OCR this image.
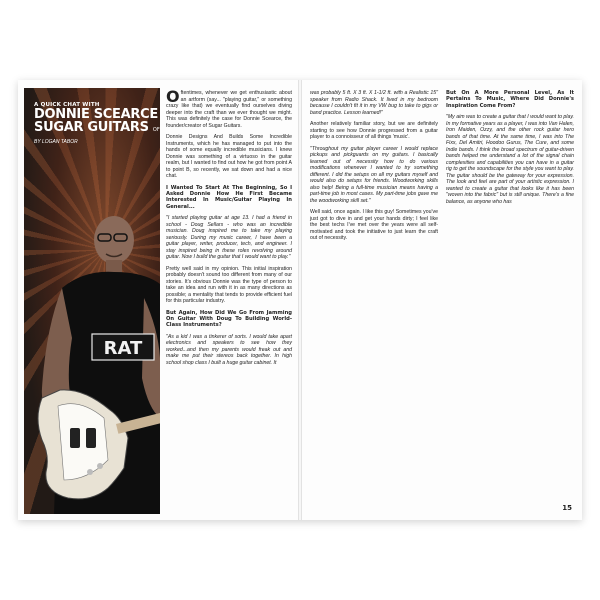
RAT
A QUICK CHAT WITH
DONNIE SCEARCE
SUGAR GUITARS OF
BY LOGAN TABOR

Oftentimes, whenever we get enthusiastic about an artform (say... "playing guitar," or something crazy like that) we eventually find ourselves diving deeper into the craft than we ever thought we might. This was definitely the case for Donnie Scearce, the founder/creator of Sugar Guitars.

Donnie Designs And Builds Some Incredible Instruments, which he has managed to put into the hands of some equally incredible musicians. I knew Donnie was something of a virtuoso in the guitar realm, but I wanted to find out how he got from point A to point B, so recently, we sat down and had a nice chat.

I Wanted To Start At The Beginning, So I Asked Donnie How He First Became Interested In Music/Guitar Playing In General...

"I started playing guitar at age 13. I had a friend in school - Doug Sellars - who was an incredible musician. Doug inspired me to take my playing seriously. During my music career, I have been a guitar player, writer, producer, tech, and engineer. I stay inspired being in these roles revolving around guitar. Now I build the guitar that I would want to play."

Pretty well said in my opinion. This initial inspiration probably doesn't sound too different from many of our stories. It's obvious Donnie was the type of person to take an idea and run with it in as many directions as possible; a mentality that tends to provide efficient fuel for this particular industry.

But Again, How Did We Go From Jamming On Guitar With Doug To Building World-Class Instruments?

"As a kid I was a tinkerer of sorts. I would take apart electronics and speakers to see how they worked...and then my parents would freak out and make me put their stereos back together. In high school shop class I built a huge guitar cabinet. It

was probably 5 ft. X 3 ft. X 1-1/2 ft. with a Realistic 15" speaker from Radio Shack. It lived in my bedroom because I couldn't fit it in my VW bug to take to gigs or band practice. Lesson learned!"

Another relatively familiar story, but we are definitely starting to see how Donnie progressed from a guitar player to a connoisseur of all things 'music'.

"Throughout my guitar player career I would replace pickups and pickguards on my guitars. I basically learned out of necessity how to do various modifications whenever I wanted to try something different. I did the setups on all my guitars myself and would also do setups for friends. Woodworking skills also help! Being a full-time musician means having a part-time job in most cases. My part-time jobs gave me the woodworking skill set."

Well said, once again. I like this guy! Sometimes you've just got to dive in and get your hands dirty; I feel like the best techs I've met over the years were all self-motivated and took the initiative to just learn the craft out of necessity.

But On A More Personal Level, As It Pertains To Music, Where Did Donnie's Inspiration Come From?

"My aim was to create a guitar that I would want to play. In my formative years as a player, I was into Van Halen, Iron Maiden, Ozzy, and the other rock guitar hero bands of that time. At the same time, I was into The Fixx, Del Amitri, Hoodoo Gurus, The Cure, and some Indie bands. I think the broad spectrum of guitar-driven bands helped me understand a lot of the signal chain complexities and capabilities you can have in a guitar rig to get the soundscape for the style you want to play. The guitar should be the gateway for your expression. The look and feel are part of your artistic expression. I wanted to create a guitar that looks like it has been "woven into the fabric" but is still unique. There's a fine balance, as anyone who has

15
